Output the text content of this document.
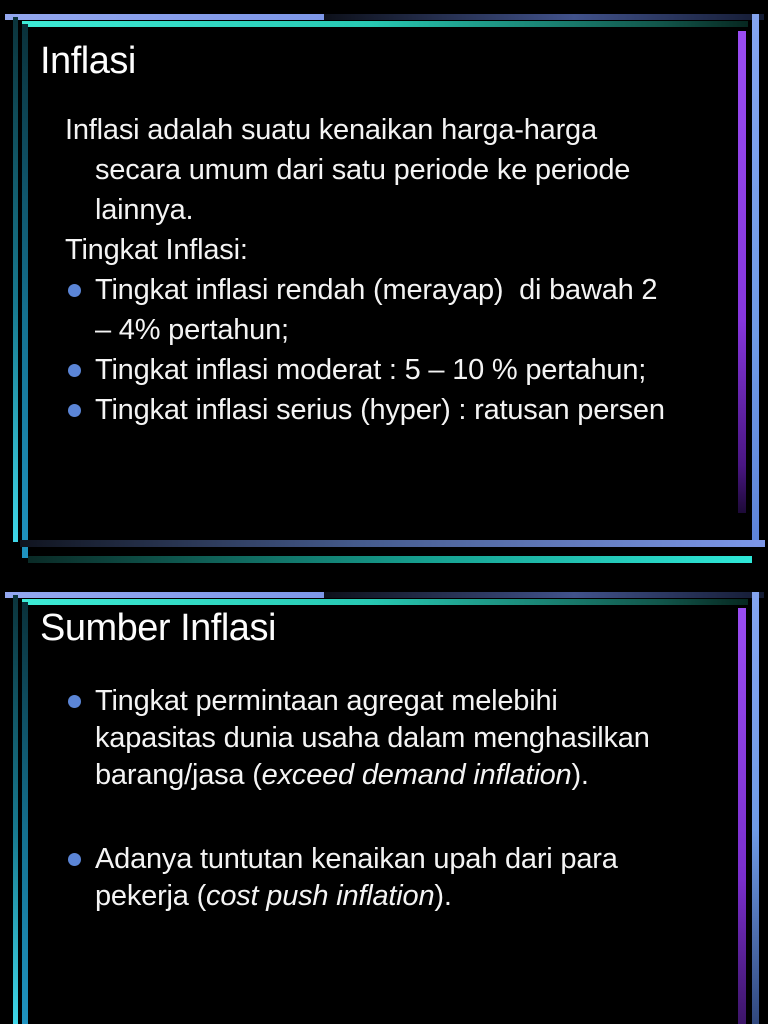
Inflasi
Inflasi adalah suatu kenaikan harga-harga
secara umum dari satu periode ke periode
lainnya.
Tingkat Inflasi:
Tingkat inflasi rendah (merayap)  di bawah 2
– 4% pertahun;
Tingkat inflasi moderat : 5 – 10 % pertahun;
Tingkat inflasi serius (hyper) : ratusan persen
Sumber Inflasi
Tingkat permintaan agregat melebihi
kapasitas dunia usaha dalam menghasilkan
barang/jasa (exceed demand inflation).
Adanya tuntutan kenaikan upah dari para
pekerja (cost push inflation).
